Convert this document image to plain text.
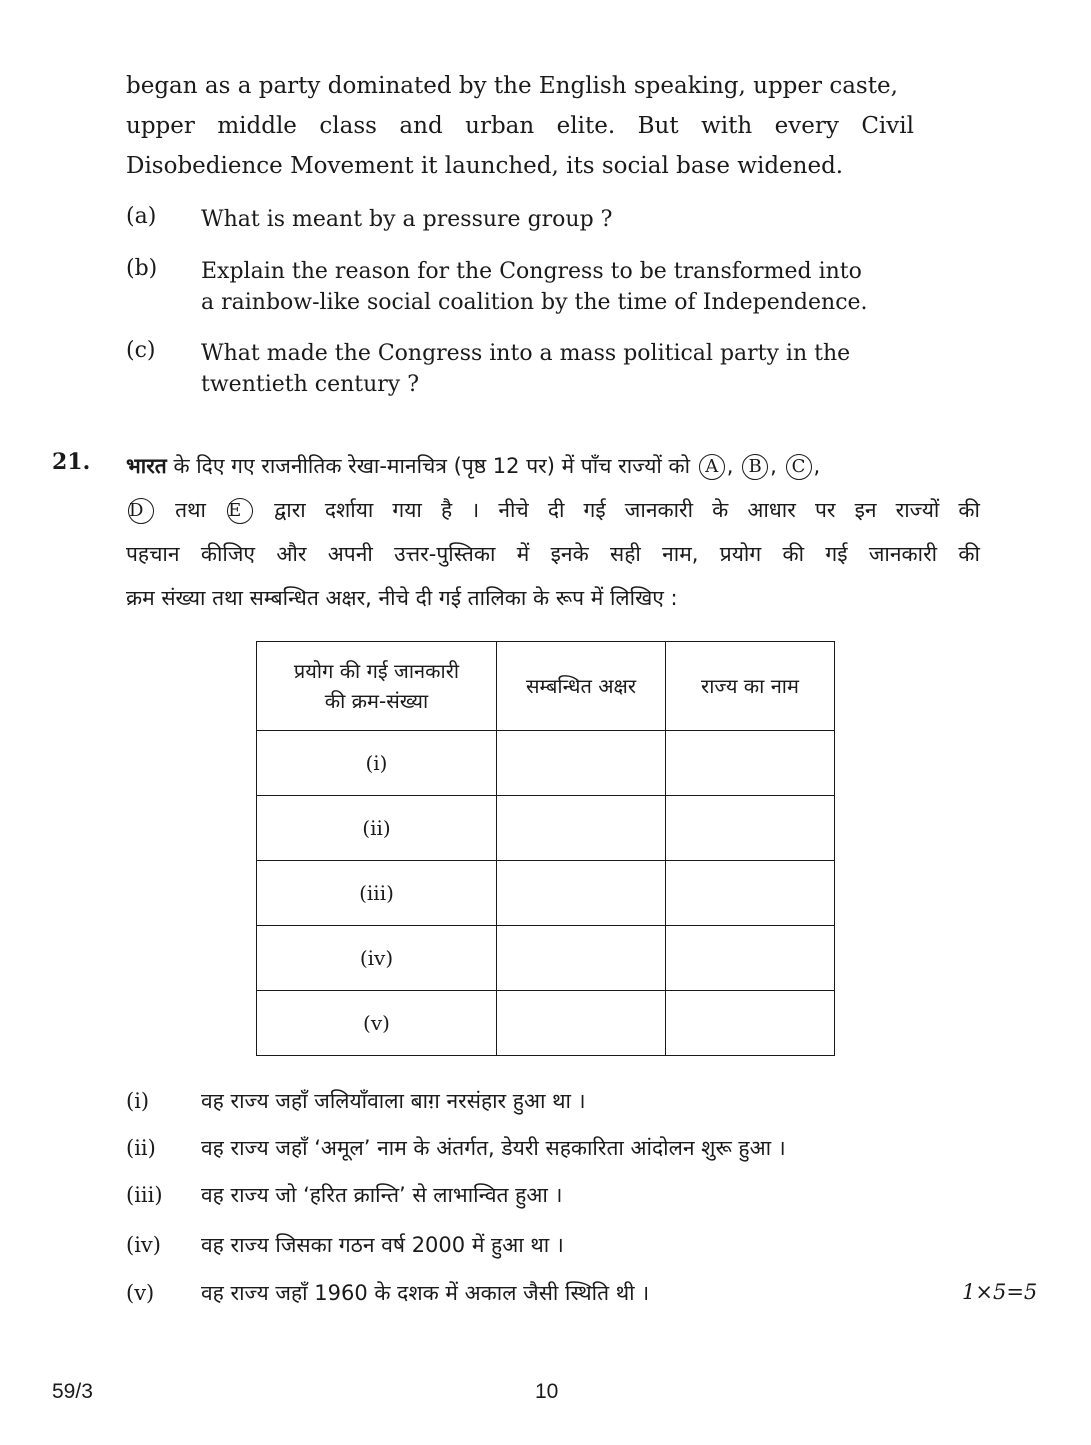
began as a party dominated by the English speaking, upper caste,
upper middle class and urban elite. But with every Civil
Disobedience Movement it launched, its social base widened.
(a) What is meant by a pressure group ?
(b) Explain the reason for the Congress to be transformed into
a rainbow-like social coalition by the time of Independence.
(c) What made the Congress into a mass political party in the
twentieth century ?
21. भारत के दिए गए राजनीतिक रेखा-मानचित्र (पृष्ठ 12 पर) में पाँच राज्यों को A , B , C ,
D तथा E द्वारा दर्शाया गया है । नीचे दी गई जानकारी के आधार पर इन राज्यों की
पहचान कीजिए और अपनी उत्तर-पुस्तिका में इनके सही नाम, प्रयोग की गई जानकारी की
क्रम संख्या तथा सम्बन्धित अक्षर, नीचे दी गई तालिका के रूप में लिखिए :
प्रयोग की गई जानकारी
की क्रम-संख्या	सम्बन्धित अक्षर	राज्य का नाम
(i)		
(ii)		
(iii)		
(iv)		
(v)		
(i) वह राज्य जहाँ जलियाँवाला बाग़ नरसंहार हुआ था ।
(ii) वह राज्य जहाँ ‘अमूल’ नाम के अंतर्गत, डेयरी सहकारिता आंदोलन शुरू हुआ ।
(iii) वह राज्य जो ‘हरित क्रान्ति’ से लाभान्वित हुआ ।
(iv) वह राज्य जिसका गठन वर्ष 2000 में हुआ था ।
(v) वह राज्य जहाँ 1960 के दशक में अकाल जैसी स्थिति थी ।	1×5=5
59/3	10
